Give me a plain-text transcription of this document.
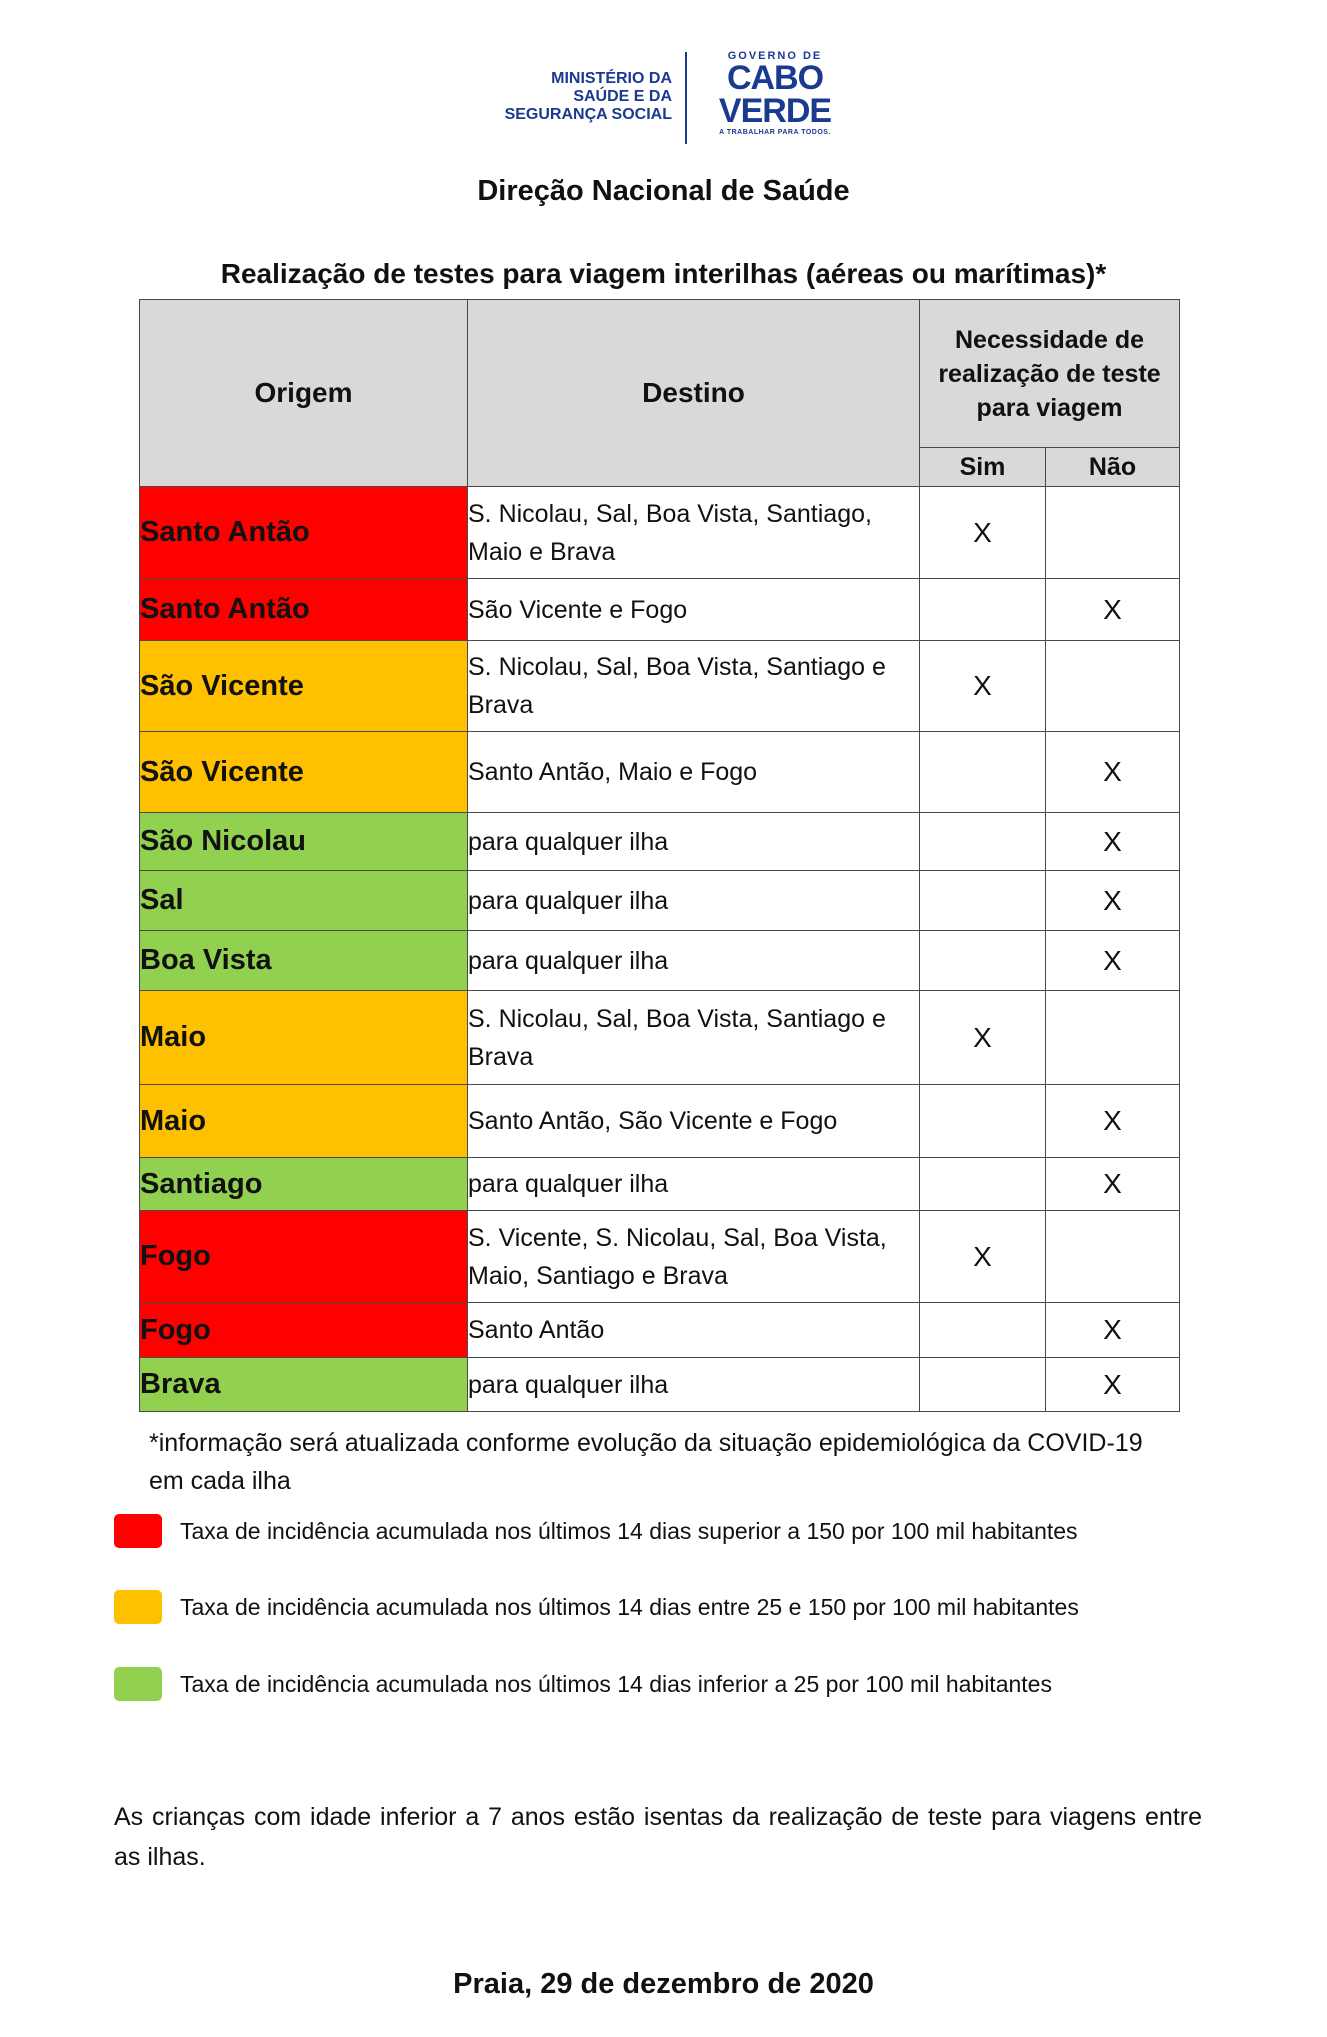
MINISTÉRIO DA
SAÚDE E DA
SEGURANÇA SOCIAL
GOVERNO DE
CABO
VERDE
A TRABALHAR PARA TODOS.
Direção Nacional de Saúde
Realização de testes para viagem interilhas (aéreas ou marítimas)*
Origem	Destino	Necessidade de realização de teste para viagem	
		Sim	Não
Santo Antão	S. Nicolau, Sal, Boa Vista, Santiago, Maio e Brava	X	
Santo Antão	São Vicente e Fogo		X
São Vicente	S. Nicolau, Sal, Boa Vista, Santiago e Brava	X	
São Vicente	Santo Antão, Maio e Fogo		X
São Nicolau	para qualquer ilha		X
Sal	para qualquer ilha		X
Boa Vista	para qualquer ilha		X
Maio	S. Nicolau, Sal, Boa Vista, Santiago e Brava	X	
Maio	Santo Antão, São Vicente e Fogo		X
Santiago	para qualquer ilha		X
Fogo	S. Vicente, S. Nicolau, Sal, Boa Vista, Maio, Santiago e Brava	X	
Fogo	Santo Antão		X
Brava	para qualquer ilha		X
*informação será atualizada conforme evolução da situação epidemiológica da COVID-19 em cada ilha
Taxa de incidência acumulada nos últimos 14 dias superior a 150 por 100 mil habitantes
Taxa de incidência acumulada nos últimos 14 dias entre 25 e 150 por 100 mil habitantes
Taxa de incidência acumulada nos últimos 14 dias inferior a 25 por 100 mil habitantes
As crianças com idade inferior a 7 anos estão isentas da realização de teste para viagens entre as ilhas.
Praia, 29 de dezembro de 2020
